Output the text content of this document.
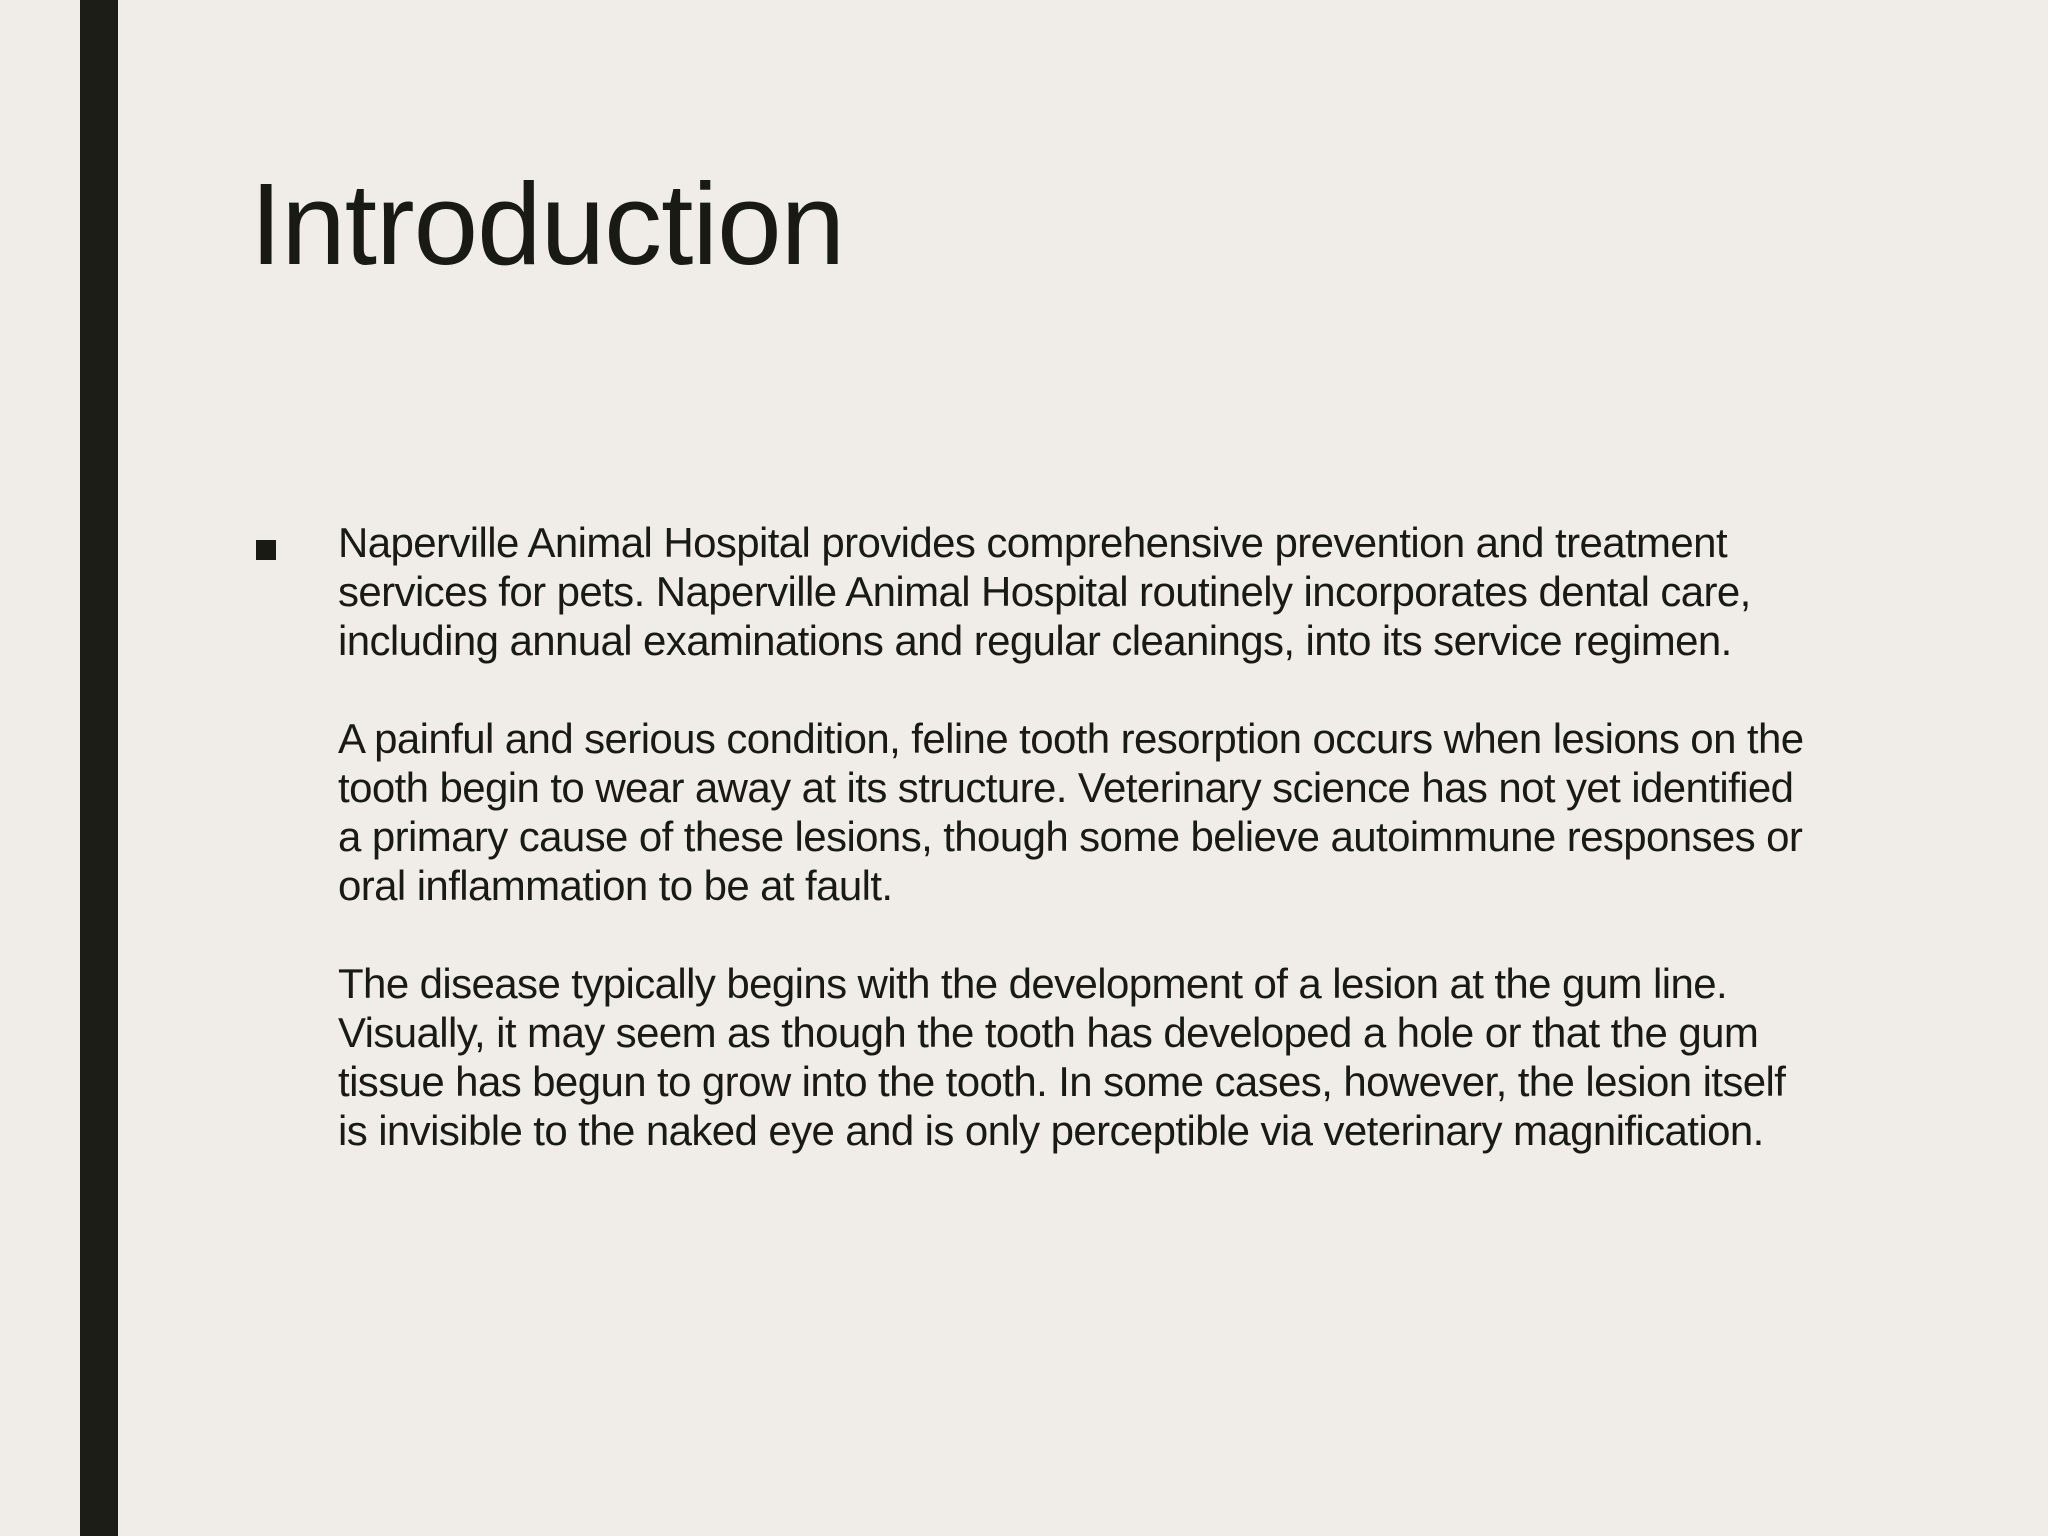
Introduction

Naperville Animal Hospital provides comprehensive prevention and treatment services for pets. Naperville Animal Hospital routinely incorporates dental care, including annual examinations and regular cleanings, into its service regimen.

A painful and serious condition, feline tooth resorption occurs when lesions on the tooth begin to wear away at its structure. Veterinary science has not yet identified a primary cause of these lesions, though some believe autoimmune responses or oral inflammation to be at fault.

The disease typically begins with the development of a lesion at the gum line. Visually, it may seem as though the tooth has developed a hole or that the gum tissue has begun to grow into the tooth. In some cases, however, the lesion itself is invisible to the naked eye and is only perceptible via veterinary magnification.
